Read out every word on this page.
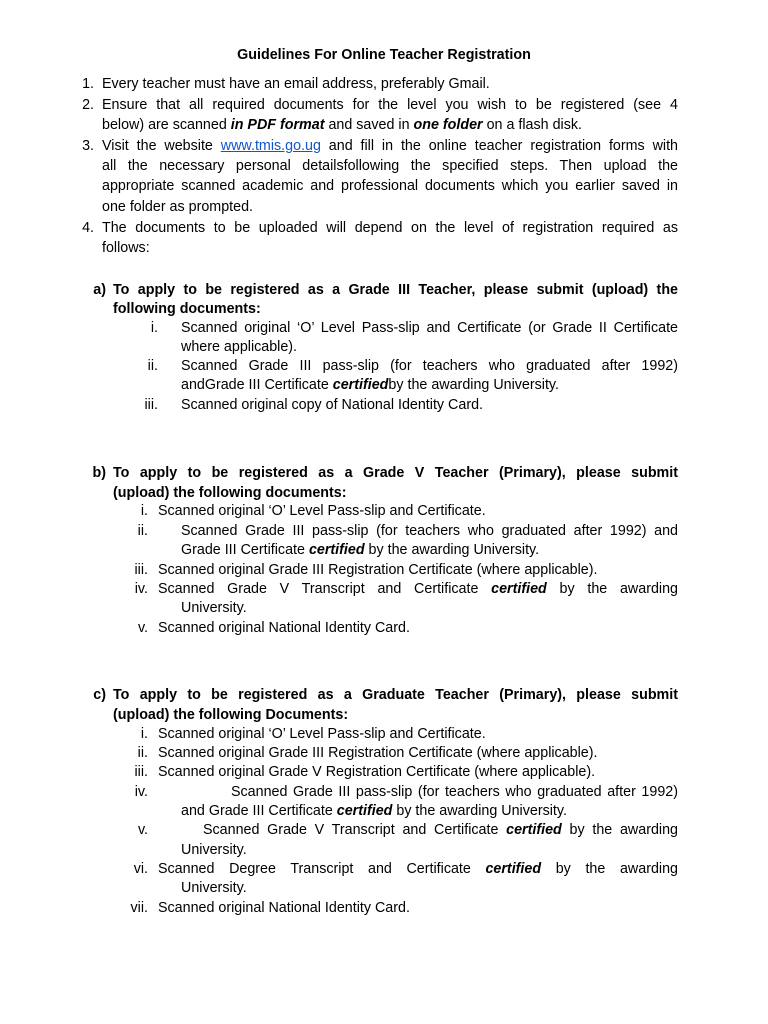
Guidelines For Online Teacher Registration
1. Every teacher must have an email address, preferably Gmail.
2. Ensure that all required documents for the level you wish to be registered (see 4
below) are scanned in PDF format and saved in one folder on a flash disk.
3. Visit the website www.tmis.go.ug and fill in the online teacher registration forms with
all the necessary personal detailsfollowing the specified steps. Then upload the
appropriate scanned academic and professional documents which you earlier saved in
one folder as prompted.
4. The documents to be uploaded will depend on the level of registration required as
follows:
a) To apply to be registered as a Grade III Teacher, please submit (upload) the
following documents:
i. Scanned original ‘O’ Level Pass-slip and Certificate (or Grade II Certificate
where applicable).
ii. Scanned Grade III pass-slip (for teachers who graduated after 1992)
andGrade III Certificate certifiedby the awarding University.
iii. Scanned original copy of National Identity Card.
b) To apply to be registered as a Grade V Teacher (Primary), please submit
(upload) the following documents:
i. Scanned original ‘O’ Level Pass-slip and Certificate.
ii. Scanned Grade III pass-slip (for teachers who graduated after 1992) and
Grade III Certificate certified by the awarding University.
iii. Scanned original Grade III Registration Certificate (where applicable).
iv. Scanned Grade V Transcript and Certificate certified by the awarding
University.
v. Scanned original National Identity Card.
c) To apply to be registered as a Graduate Teacher (Primary), please submit
(upload) the following Documents:
i. Scanned original ‘O’ Level Pass-slip and Certificate.
ii. Scanned original Grade III Registration Certificate (where applicable).
iii. Scanned original Grade V Registration Certificate (where applicable).
iv.	Scanned Grade III pass-slip (for teachers who graduated after 1992)
and Grade III Certificate certified by the awarding University.
v.	Scanned Grade V Transcript and Certificate certified by the awarding
University.
vi. Scanned Degree Transcript and Certificate certified by the awarding
University.
vii. Scanned original National Identity Card.
